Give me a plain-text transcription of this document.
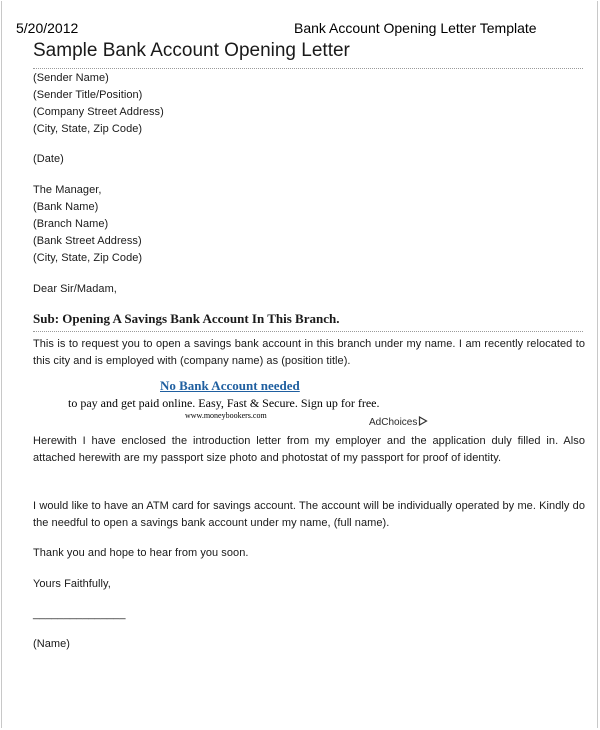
5/20/2012	Bank Account Opening Letter Template
Sample Bank Account Opening Letter
(Sender Name)
(Sender Title/Position)
(Company Street Address)
(City, State, Zip Code)
(Date)
The Manager,
(Bank Name)
(Branch Name)
(Bank Street Address)
(City, State, Zip Code)
Dear Sir/Madam,
Sub: Opening A Savings Bank Account In This Branch.
This is to request you to open a savings bank account in this branch under my name. I am recently relocated to this city and is employed with (company name) as (position title).
No Bank Account needed
to pay and get paid online. Easy, Fast & Secure. Sign up for free.
www.moneybookers.com
AdChoices
Herewith I have enclosed the introduction letter from my employer and the application duly filled in. Also attached herewith are my passport size photo and photostat of my passport for proof of identity.
I would like to have an ATM card for savings account. The account will be individually operated by me. Kindly do the needful to open a savings bank account under my name, (full name).
Thank you and hope to hear from you soon.
Yours Faithfully,
_______________
(Name)
